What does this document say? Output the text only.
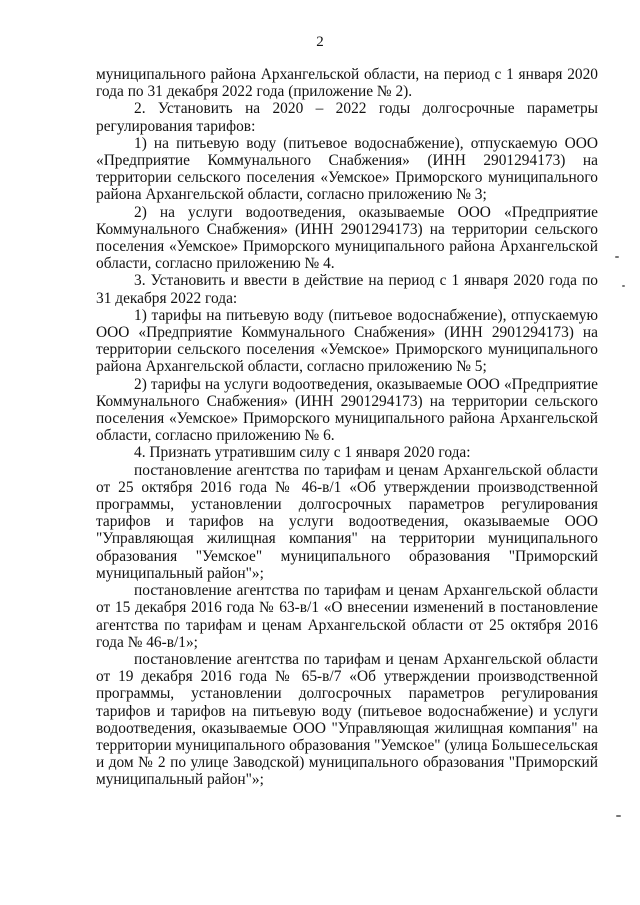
2

муниципального района Архангельской области, на период с 1 января 2020 года по 31 декабря 2022 года (приложение № 2).

2. Установить на 2020 – 2022 годы долгосрочные параметры регулирования тарифов:

1) на питьевую воду (питьевое водоснабжение), отпускаемую ООО «Предприятие Коммунального Снабжения» (ИНН 2901294173) на территории сельского поселения «Уемское» Приморского муниципального района Архангельской области, согласно приложению № 3;

2) на услуги водоотведения, оказываемые ООО «Предприятие Коммунального Снабжения» (ИНН 2901294173) на территории сельского поселения «Уемское» Приморского муниципального района Архангельской области, согласно приложению № 4.

3. Установить и ввести в действие на период с 1 января 2020 года по 31 декабря 2022 года:

1) тарифы на питьевую воду (питьевое водоснабжение), отпускаемую ООО «Предприятие Коммунального Снабжения» (ИНН 2901294173) на территории сельского поселения «Уемское» Приморского муниципального района Архангельской области, согласно приложению № 5;

2) тарифы на услуги водоотведения, оказываемые ООО «Предприятие Коммунального Снабжения» (ИНН 2901294173) на территории сельского поселения «Уемское» Приморского муниципального района Архангельской области, согласно приложению № 6.

4. Признать утратившим силу с 1 января 2020 года:

постановление агентства по тарифам и ценам Архангельской области от 25 октября 2016 года № 46-в/1 «Об утверждении производственной программы, установлении долгосрочных параметров регулирования тарифов и тарифов на услуги водоотведения, оказываемые ООО "Управляющая жилищная компания" на территории муниципального образования "Уемское" муниципального образования "Приморский муниципальный район"»;

постановление агентства по тарифам и ценам Архангельской области от 15 декабря 2016 года № 63-в/1 «О внесении изменений в постановление агентства по тарифам и ценам Архангельской области от 25 октября 2016 года № 46-в/1»;

постановление агентства по тарифам и ценам Архангельской области от 19 декабря 2016 года № 65-в/7 «Об утверждении производственной программы, установлении долгосрочных параметров регулирования тарифов и тарифов на питьевую воду (питьевое водоснабжение) и услуги водоотведения, оказываемые ООО "Управляющая жилищная компания" на территории муниципального образования "Уемское" (улица Большесельская и дом № 2 по улице Заводской) муниципального образования "Приморский муниципальный район"»;
